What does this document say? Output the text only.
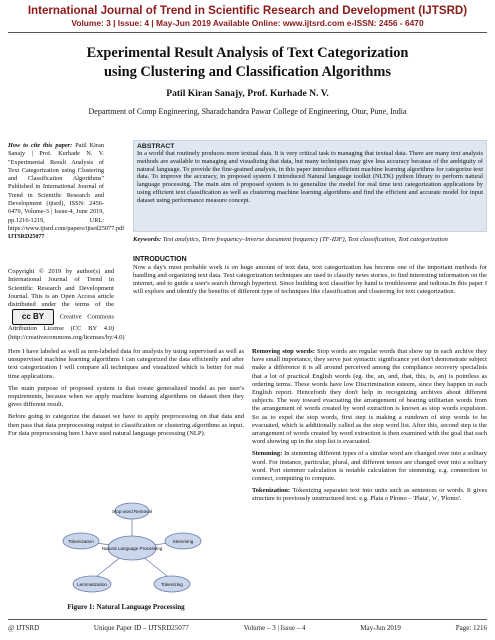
International Journal of Trend in Scientific Research and Development (IJTSRD)
Volume: 3 | Issue: 4 | May-Jun 2019 Available Online: www.ijtsrd.com e-ISSN: 2456 - 6470
Experimental Result Analysis of Text Categorization
using Clustering and Classification Algorithms
Patil Kiran Sanajy, Prof. Kurhade N. V.
Department of Comp Engineering, Sharadchandra Pawar College of Engineering, Otur, Pune, India
How to cite this paper: Patil Kiran Sanajy | Prof. Kurhade N. V. "Experimental Result Analysis of Text Categorization using Clustering and Classification Algorithms" Published in International Journal of Trend in Scientific Research and Development (ijtsrd), ISSN: 2456-6470, Volume-3 | Issue-4, June 2019, pp.1216-1219, URL: https://www.ijtsrd.com/papers/ijtsrd25077.pdf IJTSRD25077
Copyright © 2019 by author(s) and International Journal of Trend in Scientific Research and Development Journal. This is an Open Access article distributed under the terms of the cc BY Creative Commons Attribution License (CC BY 4.0) (http://creativecommons.org/licenses/by/4.0)
ABSTRACT
In a world that routinely produces more textual data. It is very critical task to managing that textual data. There are many text analysis methods are available to managing and visualizing that data, but many techniques may give less accuracy because of the ambiguity of natural language. To provide the fine-grained analysis, in this paper introduce efficient machine learning algorithms for categorize text data. To improve the accuracy, in proposed system I introduced Natural language toolkit (NLTK) python library to perform natural language processing. The main aim of proposed system is to generalize the model for real time text categorization applications by using efficient text classification as well as clustering machine learning algorithms and find the efficient and accurate model for input dataset using performance measure concept.
Keywords: Text analytics, Term frequency–Inverse document frequency (TF-IDF), Text classification, Text categorization
INTRODUCTION
Now a day's most probable work is on huge amount of text data, text categorization has become one of the important methods for handling and organizing text data. Text categorization techniques are used to classify news stories, to find interesting information on the internet, and to guide a user's search through hypertext. Since building text classifier by hand is troublesome and tedious.In this paper I will explore and identify the benefits of different type of techniques like classification and clustering for text categorization.

Here I have labeled as well as non-labeled data for analysis by using supervised as well as unsupervised machine learning algorithms I can categorized the data efficiently and after text categorization I will compare all techniques and visualized which is better for real time applications.

The main purpose of proposed system is that create generalized model as per user's requirements, because when we apply machine learning algorithms on dataset then they gives different result.

Before going to categorize the dataset we have to apply preprocessing on that data and then pass that data preprocessing output to classification or clustering algorithms as input. For data preprocessing here I have used natural language processing (NLP).

Natural Language Processing
Stop word Removal
Tokenization	Stemming
Lemmatization	Tokenizing
Figure 1: Natural Language Processing

Removing stop words: Stop words are regular words that show up in each archive they have small importance, they serve just syntactic significance yet don't demonstrate subject make a difference it is all around perceived among the compliance recovery specialists that a lot of practical English words (eg. the, an, and, that, this, is, an) is pointless as ordering terms. These words have low Discrimination esteem, since they happen in each English report. Henceforth they don't help in recognizing archives about different subjects. The way toward evacuating the arrangement of bearing utilitarian words from the arrangement of words created by word extraction is known as stop words expulsion. So as to expel the stop words, first step is making a rundown of stop words to be evacuated, which is additionally called as the stop word list. After this, second step is the arrangement of words created by word extraction is then examined with the goal that each word showing up in the stop list is evacuated.

Stemming: In stemming different types of a similar word are changed over into a solitary word. For instance, particular, plural, and different tenses are changed over into a solitary word. Port stemmer calculation is notable calculation for stemming. e.g. connection to connect, computing to compute.

Tokenization: Tokenizing separates text into units such as sentences or words. It gives structure to previously unstructured text. e.g. Plata o Plomo – 'Plata', 'o', 'Plomo'.

@ IJTSRD	Unique Paper ID – IJTSRD25077	Volume – 3 | Issue – 4	May-Jun 2019	Page: 1216
